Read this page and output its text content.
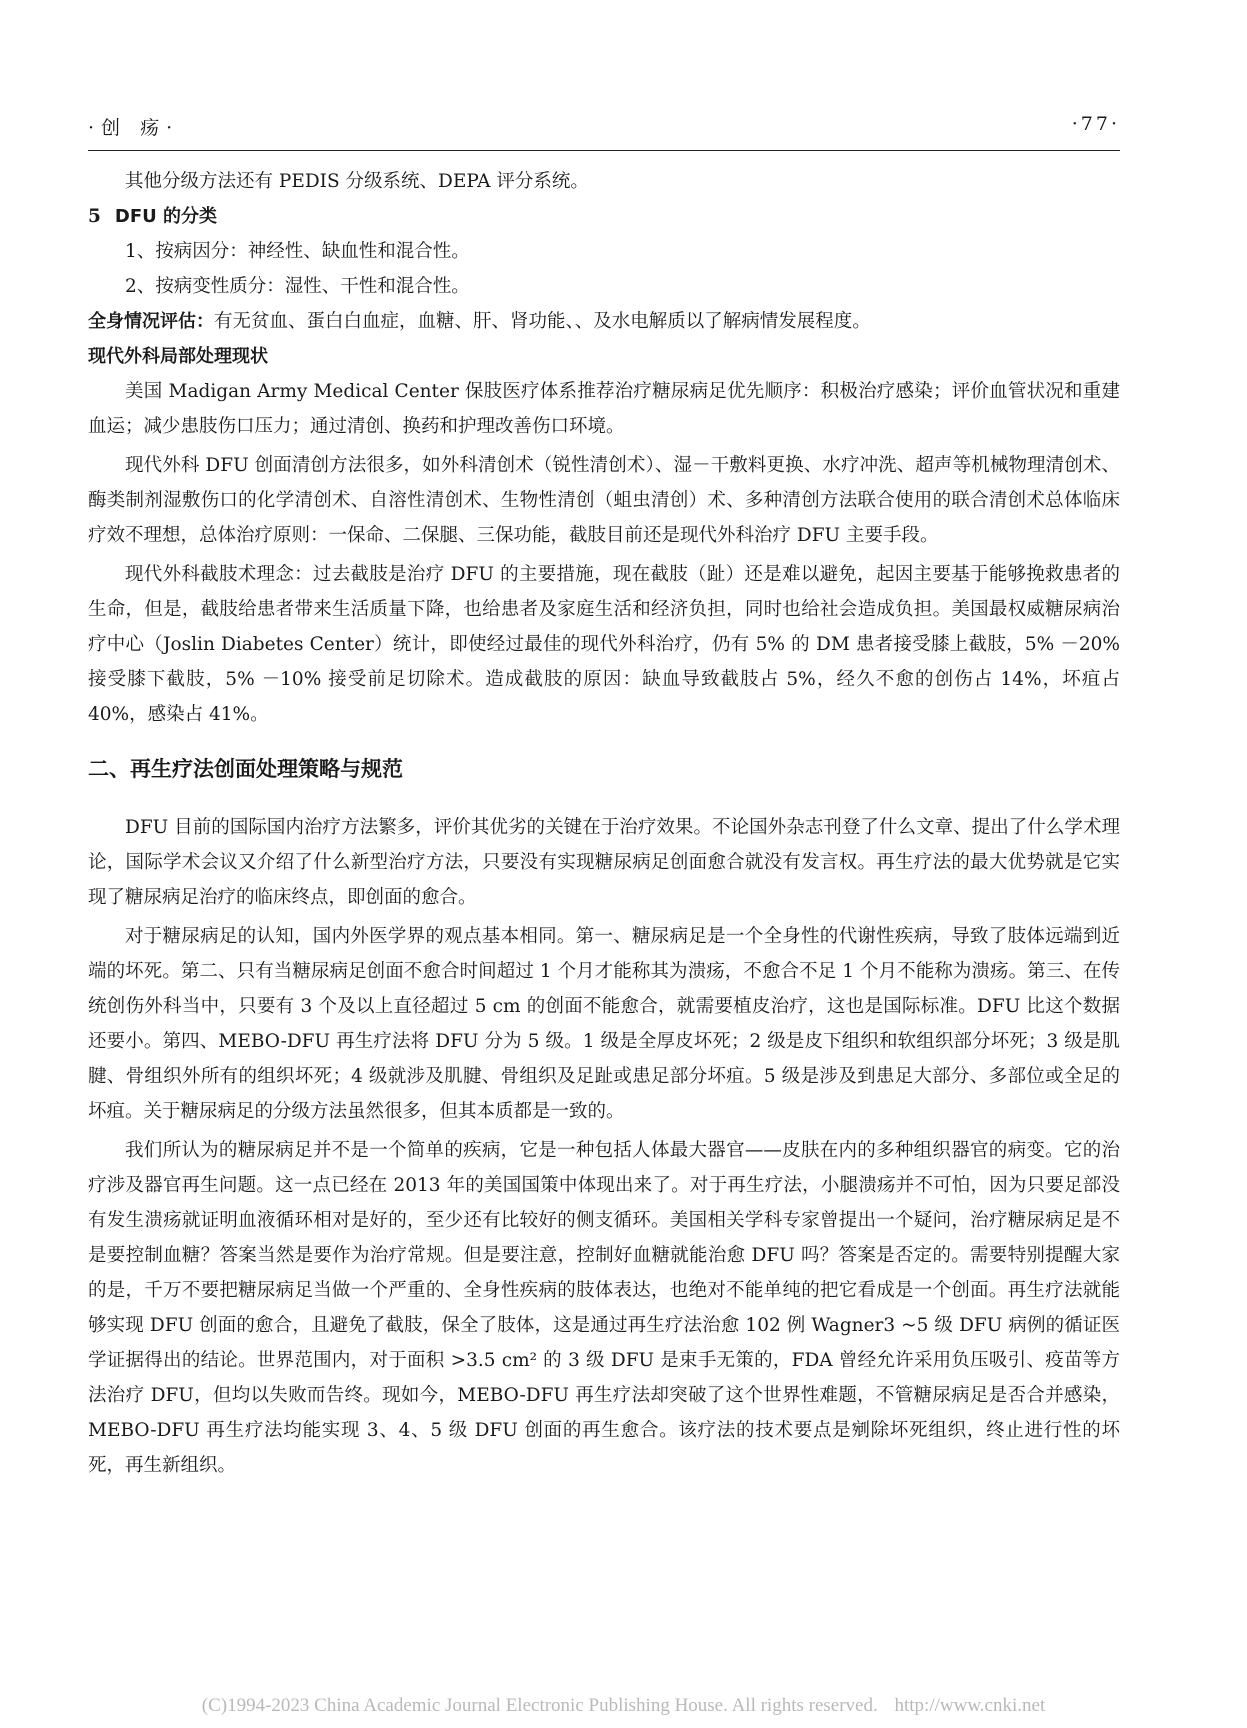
·创 疡·	·77·

其他分级方法还有 PEDIS 分级系统、DEPA 评分系统。

5 DFU 的分类

1、按病因分：神经性、缺血性和混合性。

2、按病变性质分：湿性、干性和混合性。

全身情况评估：有无贫血、蛋白白血症，血糖、肝、肾功能、、及水电解质以了解病情发展程度。

现代外科局部处理现状

美国 Madigan Army Medical Center 保肢医疗体系推荐治疗糖尿病足优先顺序：积极治疗感染；评价血管状况和重建血运；减少患肢伤口压力；通过清创、换药和护理改善伤口环境。

现代外科 DFU 创面清创方法很多，如外科清创术（锐性清创术）、湿－干敷料更换、水疗冲洗、超声等机械物理清创术、酶类制剂湿敷伤口的化学清创术、自溶性清创术、生物性清创（蛆虫清创）术、多种清创方法联合使用的联合清创术总体临床疗效不理想，总体治疗原则：一保命、二保腿、三保功能，截肢目前还是现代外科治疗 DFU 主要手段。

现代外科截肢术理念：过去截肢是治疗 DFU 的主要措施，现在截肢（趾）还是难以避免，起因主要基于能够挽救患者的生命，但是，截肢给患者带来生活质量下降，也给患者及家庭生活和经济负担，同时也给社会造成负担。美国最权威糖尿病治疗中心（Joslin Diabetes Center）统计，即使经过最佳的现代外科治疗，仍有 5% 的 DM 患者接受膝上截肢，5% －20% 接受膝下截肢，5% －10% 接受前足切除术。造成截肢的原因：缺血导致截肢占 5%，经久不愈的创伤占 14%，坏疽占 40%，感染占 41%。

二、再生疗法创面处理策略与规范

DFU 目前的国际国内治疗方法繁多，评价其优劣的关键在于治疗效果。不论国外杂志刊登了什么文章、提出了什么学术理论，国际学术会议又介绍了什么新型治疗方法，只要没有实现糖尿病足创面愈合就没有发言权。再生疗法的最大优势就是它实现了糖尿病足治疗的临床终点，即创面的愈合。

对于糖尿病足的认知，国内外医学界的观点基本相同。第一、糖尿病足是一个全身性的代谢性疾病，导致了肢体远端到近端的坏死。第二、只有当糖尿病足创面不愈合时间超过 1 个月才能称其为溃疡，不愈合不足 1 个月不能称为溃疡。第三、在传统创伤外科当中，只要有 3 个及以上直径超过 5 cm 的创面不能愈合，就需要植皮治疗，这也是国际标准。DFU 比这个数据还要小。第四、MEBO-DFU 再生疗法将 DFU 分为 5 级。1 级是全厚皮坏死；2 级是皮下组织和软组织部分坏死；3 级是肌腱、骨组织外所有的组织坏死；4 级就涉及肌腱、骨组织及足趾或患足部分坏疽。5 级是涉及到患足大部分、多部位或全足的坏疽。关于糖尿病足的分级方法虽然很多，但其本质都是一致的。

我们所认为的糖尿病足并不是一个简单的疾病，它是一种包括人体最大器官——皮肤在内的多种组织器官的病变。它的治疗涉及器官再生问题。这一点已经在 2013 年的美国国策中体现出来了。对于再生疗法，小腿溃疡并不可怕，因为只要足部没有发生溃疡就证明血液循环相对是好的，至少还有比较好的侧支循环。美国相关学科专家曾提出一个疑问，治疗糖尿病足是不是要控制血糖？答案当然是要作为治疗常规。但是要注意，控制好血糖就能治愈 DFU 吗？答案是否定的。需要特别提醒大家的是，千万不要把糖尿病足当做一个严重的、全身性疾病的肢体表达，也绝对不能单纯的把它看成是一个创面。再生疗法就能够实现 DFU 创面的愈合，且避免了截肢，保全了肢体，这是通过再生疗法治愈 102 例 Wagner3 ~5 级 DFU 病例的循证医学证据得出的结论。世界范围内，对于面积 >3.5 cm² 的 3 级 DFU 是束手无策的，FDA 曾经允许采用负压吸引、疫苗等方法治疗 DFU，但均以失败而告终。现如今，MEBO-DFU 再生疗法却突破了这个世界性难题，不管糖尿病足是否合并感染，MEBO-DFU 再生疗法均能实现 3、4、5 级 DFU 创面的再生愈合。该疗法的技术要点是剜除坏死组织，终止进行性的坏死，再生新组织。

(C)1994-2023 China Academic Journal Electronic Publishing House. All rights reserved. http://www.cnki.net
